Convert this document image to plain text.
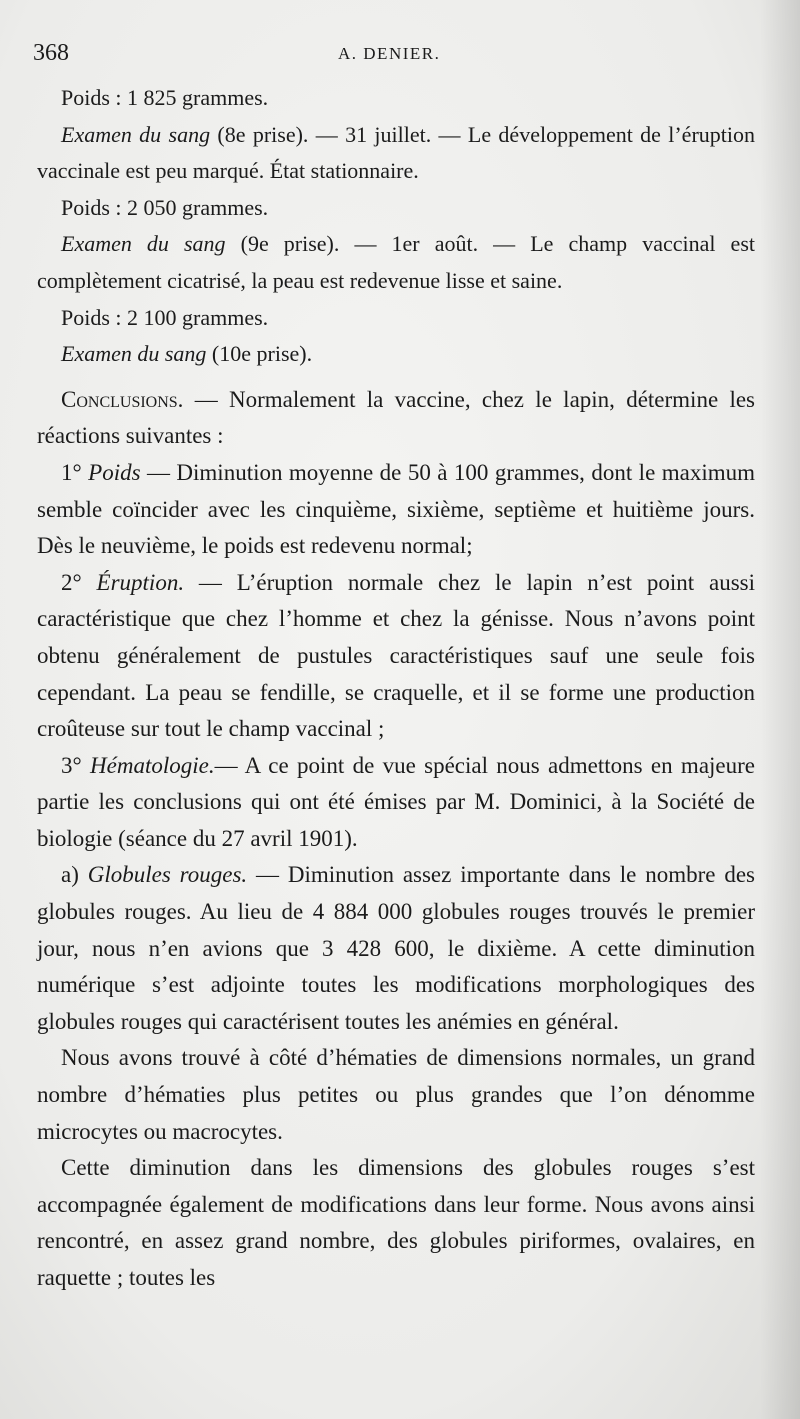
368	A. DENIER.

Poids : 1 825 grammes.

Examen du sang (8e prise). — 31 juillet. — Le développement de l’éruption vaccinale est peu marqué. État stationnaire.

Poids : 2 050 grammes.

Examen du sang (9e prise). — 1er août. — Le champ vaccinal est complètement cicatrisé, la peau est redevenue lisse et saine.

Poids : 2 100 grammes.

Examen du sang (10e prise).

Conclusions. — Normalement la vaccine, chez le lapin, détermine les réactions suivantes :

1° Poids — Diminution moyenne de 50 à 100 grammes, dont le maximum semble coïncider avec les cinquième, sixième, septième et huitième jours. Dès le neuvième, le poids est redevenu normal;

2° Éruption. — L’éruption normale chez le lapin n’est point aussi caractéristique que chez l’homme et chez la génisse. Nous n’avons point obtenu généralement de pustules caractéristiques sauf une seule fois cependant. La peau se fendille, se craquelle, et il se forme une production croûteuse sur tout le champ vaccinal ;

3° Hématologie.— A ce point de vue spécial nous admettons en majeure partie les conclusions qui ont été émises par M. Dominici, à la Société de biologie (séance du 27 avril 1901).

a) Globules rouges. — Diminution assez importante dans le nombre des globules rouges. Au lieu de 4 884 000 globules rouges trouvés le premier jour, nous n’en avions que 3 428 600, le dixième. A cette diminution numérique s’est adjointe toutes les modifications morphologiques des globules rouges qui caractérisent toutes les anémies en général.

Nous avons trouvé à côté d’hématies de dimensions normales, un grand nombre d’hématies plus petites ou plus grandes que l’on dénomme microcytes ou macrocytes.

Cette diminution dans les dimensions des globules rouges s’est accompagnée également de modifications dans leur forme. Nous avons ainsi rencontré, en assez grand nombre, des globules piriformes, ovalaires, en raquette ; toutes les
